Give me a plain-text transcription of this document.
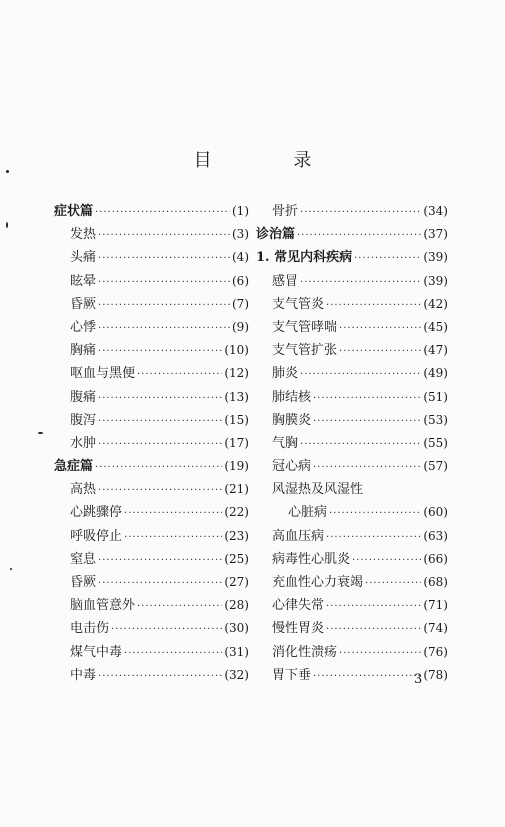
目 录
症状篇 ·····	(1)
发热 ·····	(3)
头痛 ·····	(4)
眩晕 ·····	(6)
昏厥 ·····	(7)
心悸 ·····	(9)
胸痛 ·····	(10)
呕血与黑便 ·····	(12)
腹痛 ·····	(13)
腹泻 ·····	(15)
水肿 ·····	(17)
急症篇 ·····	(19)
高热 ·····	(21)
心跳骤停 ·····	(22)
呼吸停止 ·····	(23)
窒息 ·····	(25)
昏厥 ·····	(27)
脑血管意外 ·····	(28)
电击伤 ·····	(30)
煤气中毒 ·····	(31)
中毒 ·····	(32)
骨折 ·····	(34)
诊治篇 ·····	(37)
1. 常见内科疾病 ·····	(39)
感冒 ·····	(39)
支气管炎 ·····	(42)
支气管哮喘 ·····	(45)
支气管扩张 ·····	(47)
肺炎 ·····	(49)
肺结核 ·····	(51)
胸膜炎 ·····	(53)
气胸 ·····	(55)
冠心病 ·····	(57)
风湿热及风湿性
心脏病 ·····	(60)
高血压病 ·····	(63)
病毒性心肌炎 ·····	(66)
充血性心力衰竭 ·····	(68)
心律失常 ·····	(71)
慢性胃炎 ·····	(74)
消化性溃疡 ·····	(76)
胃下垂 ·····	(78)
3
